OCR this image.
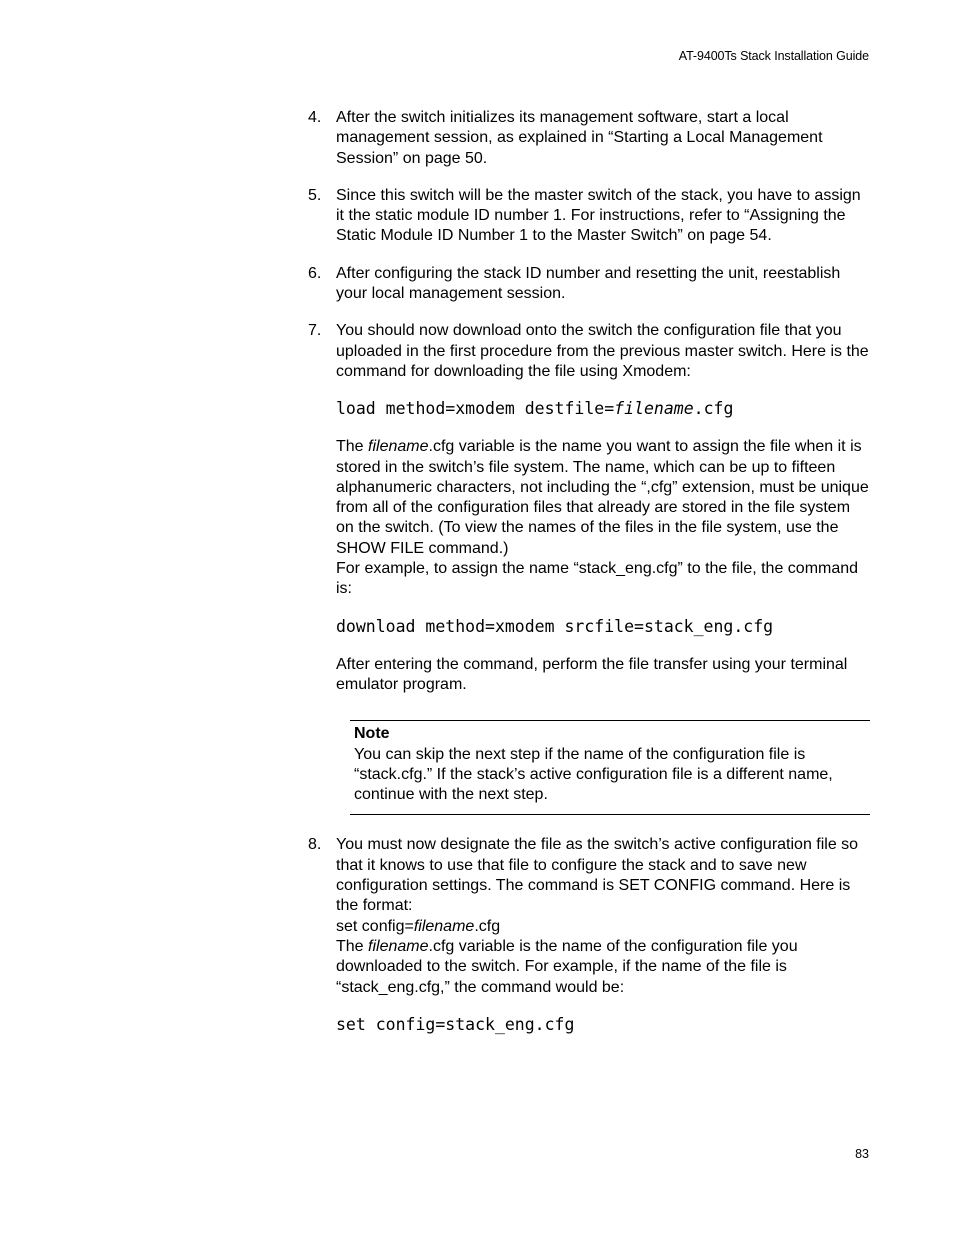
AT-9400Ts Stack Installation Guide
4. After the switch initializes its management software, start a local management session, as explained in “Starting a Local Management Session” on page 50.

5. Since this switch will be the master switch of the stack, you have to assign it the static module ID number 1. For instructions, refer to “Assigning the Static Module ID Number 1 to the Master Switch” on page 54.

6. After configuring the stack ID number and resetting the unit, reestablish your local management session.

7. You should now download onto the switch the configuration file that you uploaded in the first procedure from the previous master switch. Here is the command for downloading the file using Xmodem:

load method=xmodem destfile=filename.cfg

The filename.cfg variable is the name you want to assign the file when it is stored in the switch’s file system. The name, which can be up to fifteen alphanumeric characters, not including the “,cfg” extension, must be unique from all of the configuration files that already are stored in the file system on the switch. (To view the names of the files in the file system, use the SHOW FILE command.)

For example, to assign the name “stack_eng.cfg” to the file, the command is:

download method=xmodem srcfile=stack_eng.cfg

After entering the command, perform the file transfer using your terminal emulator program.

Note
You can skip the next step if the name of the configuration file is “stack.cfg.” If the stack’s active configuration file is a different name, continue with the next step.
8. You must now designate the file as the switch’s active configuration file so that it knows to use that file to configure the stack and to save new configuration settings. The command is SET CONFIG command. Here is the format:

set config=filename.cfg

The filename.cfg variable is the name of the configuration file you downloaded to the switch. For example, if the name of the file is “stack_eng.cfg,” the command would be:

set config=stack_eng.cfg
83
